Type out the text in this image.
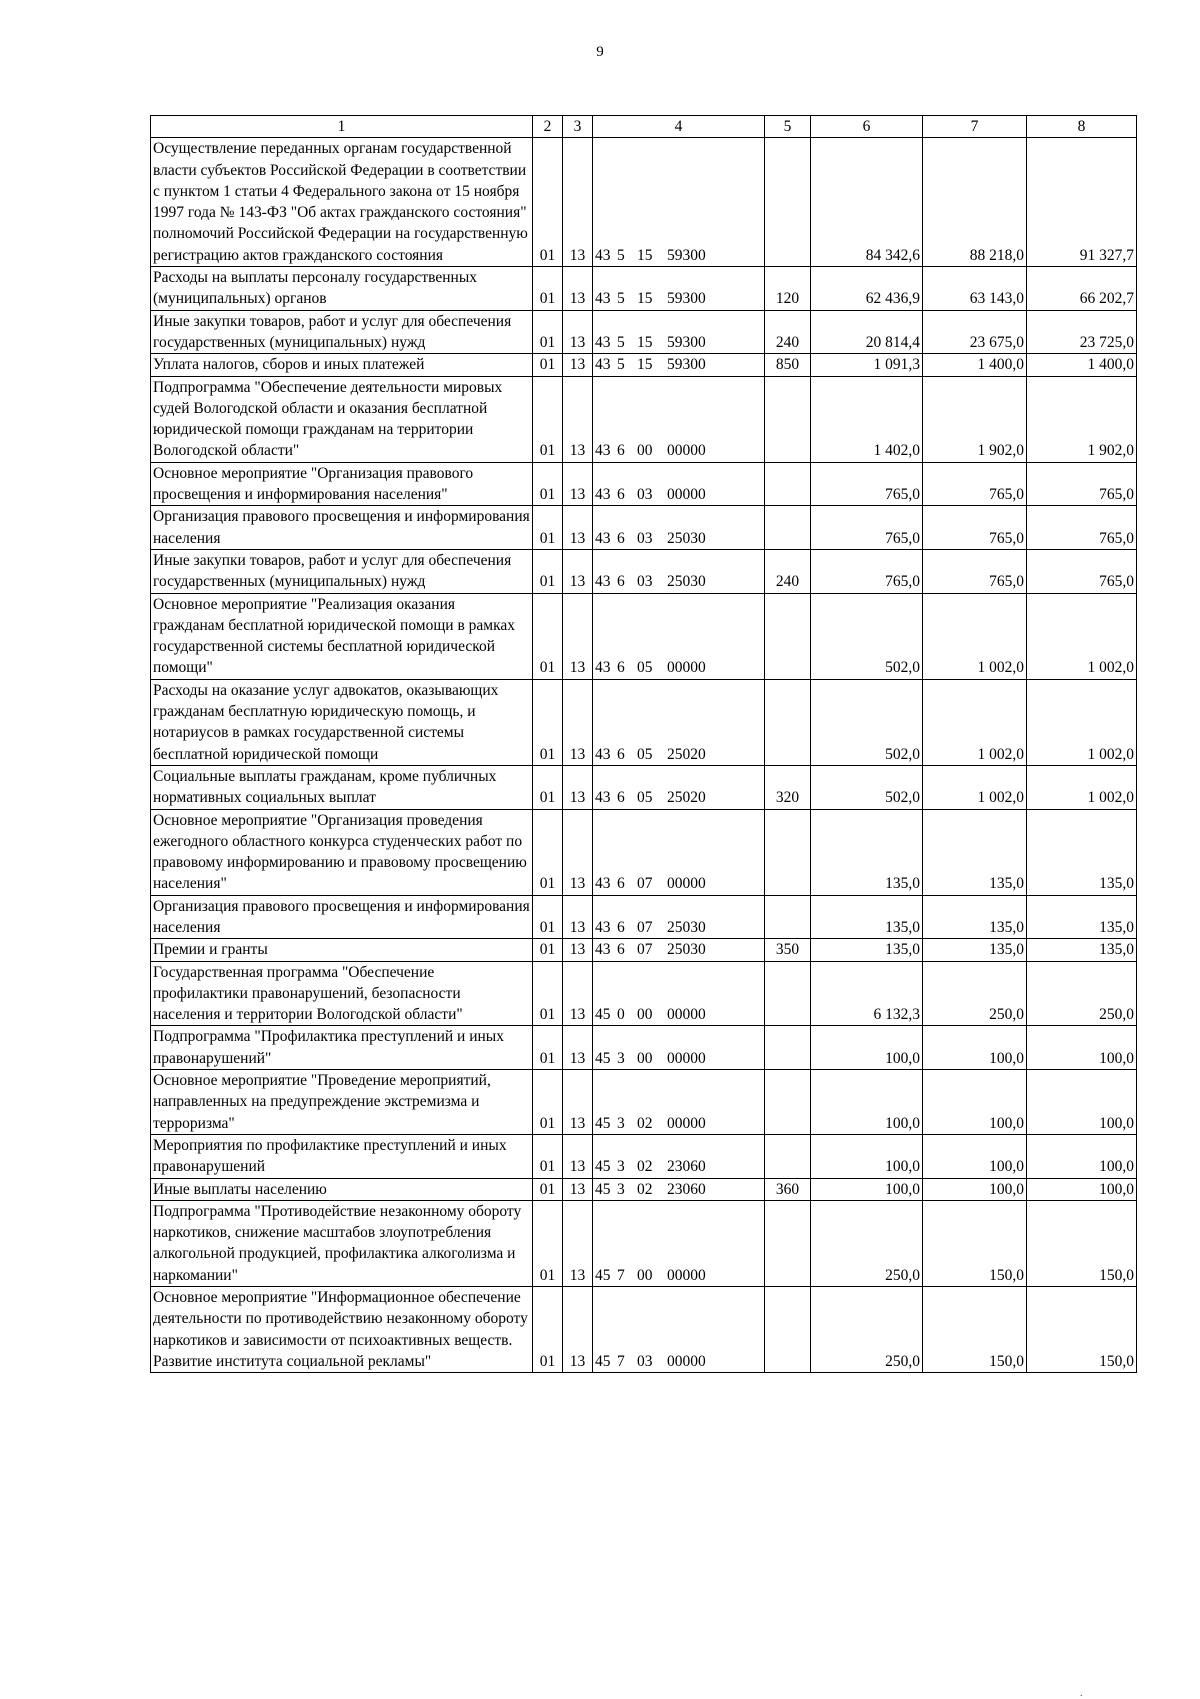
9
1	2	3	4	5	6	7	8
Осуществление переданных органам государственной власти субъектов Российской Федерации в соответствии с пунктом 1 статьи 4 Федерального закона от 15 ноября 1997 года № 143-ФЗ "Об актах гражданского состояния" полномочий Российской Федерации на государственную регистрацию актов гражданского состояния	01	13	43 5 15 59300		84 342,6	88 218,0	91 327,7
Расходы на выплаты персоналу государственных (муниципальных) органов	01	13	43 5 15 59300	120	62 436,9	63 143,0	66 202,7
Иные закупки товаров, работ и услуг для обеспечения государственных (муниципальных) нужд	01	13	43 5 15 59300	240	20 814,4	23 675,0	23 725,0
Уплата налогов, сборов и иных платежей	01	13	43 5 15 59300	850	1 091,3	1 400,0	1 400,0
Подпрограмма "Обеспечение деятельности мировых судей Вологодской области и оказания бесплатной юридической помощи гражданам на территории Вологодской области"	01	13	43 6 00 00000		1 402,0	1 902,0	1 902,0
Основное мероприятие "Организация правового просвещения и информирования населения"	01	13	43 6 03 00000		765,0	765,0	765,0
Организация правового просвещения и информирования населения	01	13	43 6 03 25030		765,0	765,0	765,0
Иные закупки товаров, работ и услуг для обеспечения государственных (муниципальных) нужд	01	13	43 6 03 25030	240	765,0	765,0	765,0
Основное мероприятие "Реализация оказания гражданам бесплатной юридической помощи в рамках государственной системы бесплатной юридической помощи"	01	13	43 6 05 00000		502,0	1 002,0	1 002,0
Расходы на оказание услуг адвокатов, оказывающих гражданам бесплатную юридическую помощь, и нотариусов в рамках государственной системы бесплатной юридической помощи	01	13	43 6 05 25020		502,0	1 002,0	1 002,0
Социальные выплаты гражданам, кроме публичных нормативных социальных выплат	01	13	43 6 05 25020	320	502,0	1 002,0	1 002,0
Основное мероприятие "Организация проведения ежегодного областного конкурса студенческих работ по правовому информированию и правовому просвещению населения"	01	13	43 6 07 00000		135,0	135,0	135,0
Организация правового просвещения и информирования населения	01	13	43 6 07 25030		135,0	135,0	135,0
Премии и гранты	01	13	43 6 07 25030	350	135,0	135,0	135,0
Государственная программа "Обеспечение профилактики правонарушений, безопасности населения и территории Вологодской области"	01	13	45 0 00 00000		6 132,3	250,0	250,0
Подпрограмма "Профилактика преступлений и иных правонарушений"	01	13	45 3 00 00000		100,0	100,0	100,0
Основное мероприятие "Проведение мероприятий, направленных на предупреждение экстремизма и терроризма"	01	13	45 3 02 00000		100,0	100,0	100,0
Мероприятия по профилактике преступлений и иных правонарушений	01	13	45 3 02 23060		100,0	100,0	100,0
Иные выплаты населению	01	13	45 3 02 23060	360	100,0	100,0	100,0
Подпрограмма "Противодействие незаконному обороту наркотиков, снижение масштабов злоупотребления алкогольной продукцией, профилактика алкоголизма и наркомании"	01	13	45 7 00 00000		250,0	150,0	150,0
Основное мероприятие "Информационное обеспечение деятельности по противодействию незаконному обороту наркотиков и зависимости от психоактивных веществ. Развитие института социальной рекламы"	01	13	45 7 03 00000		250,0	150,0	150,0
.
